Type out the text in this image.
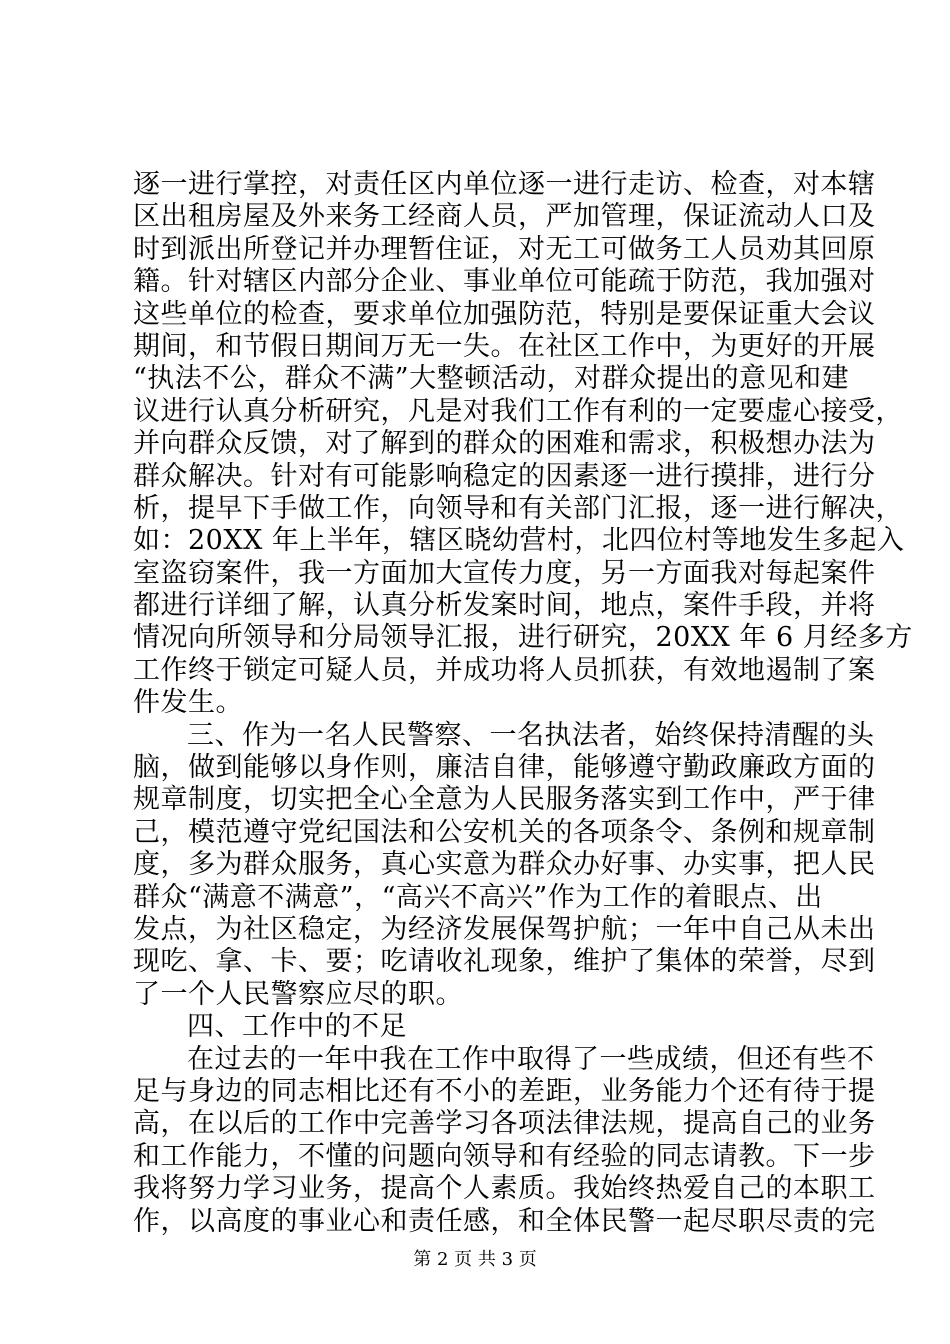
逐一进行掌控，对责任区内单位逐一进行走访、检查，对本辖
区出租房屋及外来务工经商人员，严加管理，保证流动人口及
时到派出所登记并办理暂住证，对无工可做务工人员劝其回原
籍。针对辖区内部分企业、事业单位可能疏于防范，我加强对
这些单位的检查，要求单位加强防范，特别是要保证重大会议
期间，和节假日期间万无一失。在社区工作中，为更好的开展
“执法不公，群众不满”大整顿活动，对群众提出的意见和建
议进行认真分析研究，凡是对我们工作有利的一定要虚心接受，
并向群众反馈，对了解到的群众的困难和需求，积极想办法为
群众解决。针对有可能影响稳定的因素逐一进行摸排，进行分
析，提早下手做工作，向领导和有关部门汇报，逐一进行解决，
如：20XX 年上半年，辖区晓幼营村，北四位村等地发生多起入
室盗窃案件，我一方面加大宣传力度，另一方面我对每起案件
都进行详细了解，认真分析发案时间，地点，案件手段，并将
情况向所领导和分局领导汇报，进行研究，20XX 年 6 月经多方
工作终于锁定可疑人员，并成功将人员抓获，有效地遏制了案
件发生。
三、作为一名人民警察、一名执法者，始终保持清醒的头
脑，做到能够以身作则，廉洁自律，能够遵守勤政廉政方面的
规章制度，切实把全心全意为人民服务落实到工作中，严于律
己，模范遵守党纪国法和公安机关的各项条令、条例和规章制
度，多为群众服务，真心实意为群众办好事、办实事，把人民
群众“满意不满意”，“高兴不高兴”作为工作的着眼点、出
发点，为社区稳定，为经济发展保驾护航；一年中自己从未出
现吃、拿、卡、要；吃请收礼现象，维护了集体的荣誉，尽到
了一个人民警察应尽的职。
四、工作中的不足
在过去的一年中我在工作中取得了一些成绩，但还有些不
足与身边的同志相比还有不小的差距，业务能力个还有待于提
高，在以后的工作中完善学习各项法律法规，提高自己的业务
和工作能力，不懂的问题向领导和有经验的同志请教。下一步
我将努力学习业务，提高个人素质。我始终热爱自己的本职工
作，以高度的事业心和责任感，和全体民警一起尽职尽责的完
第 2 页 共 3 页
